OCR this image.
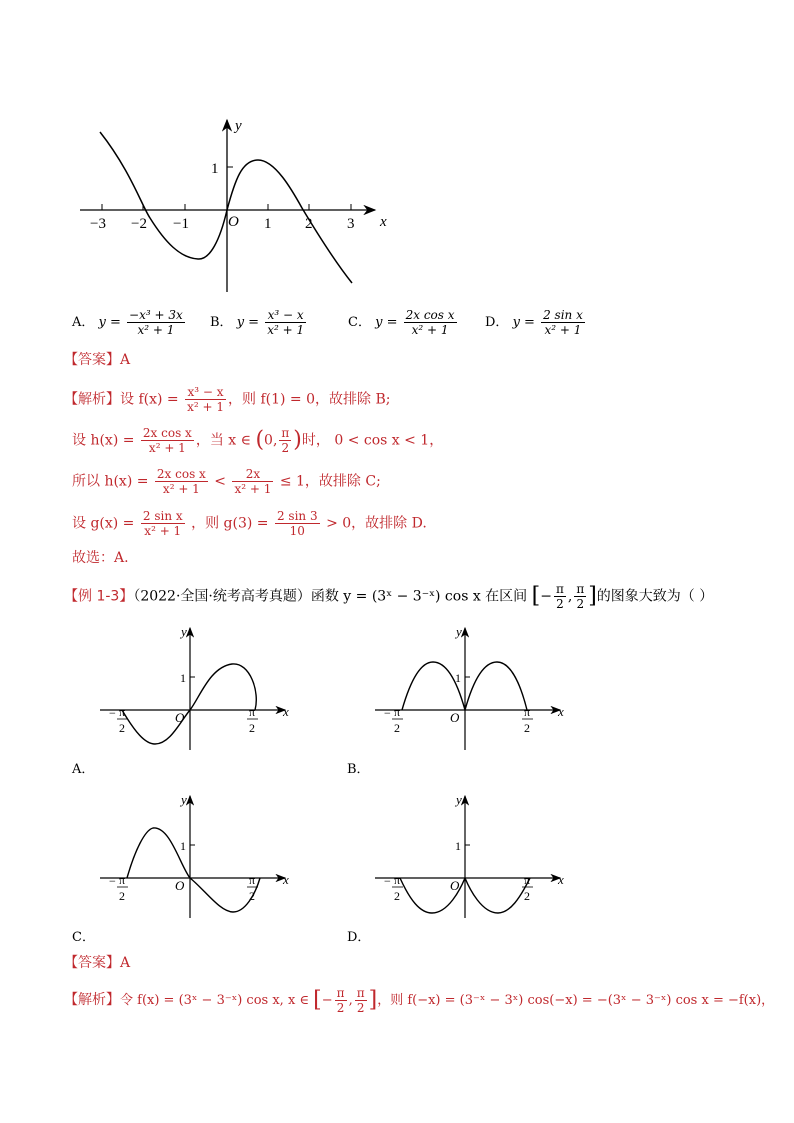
y
x
O
1
−3 −2 −1	1 2 3
A． $y = \frac{\text{−x³ + 3x}}{\text{x² + 1}}$ B． $y = \frac{\text{x³ − x}}{\text{x² + 1}}$	C． $y = \frac{\text{2x cos x}}{\text{x² + 1}}$ D． $y = \frac{\text{2 sin x}}{\text{x² + 1}}$
【答案】A
【解析】设 $f(x) = \frac{\text{x³ − x}}{\text{x² + 1}}$ ，则 f(1) = 0，故排除 B;
设 $h(x) = \frac{\text{2x cos x}}{\text{x² + 1}}$ ，当 x ∈ (0, $\frac{\pi}{2}$ )时， 0 < cos x < 1，
所以 $h(x) = \frac{\text{2x cos x}}{\text{x² + 1}} < \frac{2x}{\text{x² + 1}} \le 1$，故排除 C;
设 $g(x) = \frac{\text{2 sin x}}{\text{x² + 1}}$ ，则 $g(3) = \frac{2 \sin 3}{10} > 0$，故排除 D.
故选：A.
【例 1-3】（2022·全国·统考高考真题）函数 y = (3ˣ − 3⁻ˣ) cos x 在区间 [− $\frac{\pi}{2}$ , $\frac{\pi}{2}$ ]的图象大致为（ ）
y
x
O
1
− π
2
π
2
A．
y
x
O
1
− π
2
π
2
B．
y
x
O
1
− π
2
π
2
C．
y
x
O
1
− π
2
π
2
D．
【答案】A
【解析】令 f(x) = (3ˣ − 3⁻ˣ) cos x, x ∈ [− $\frac{\pi}{2}$ , $\frac{\pi}{2}$ ]，则 f(−x) = (3⁻ˣ − 3ˣ) cos(−x) = −(3ˣ − 3⁻ˣ) cos x = −f(x)，
